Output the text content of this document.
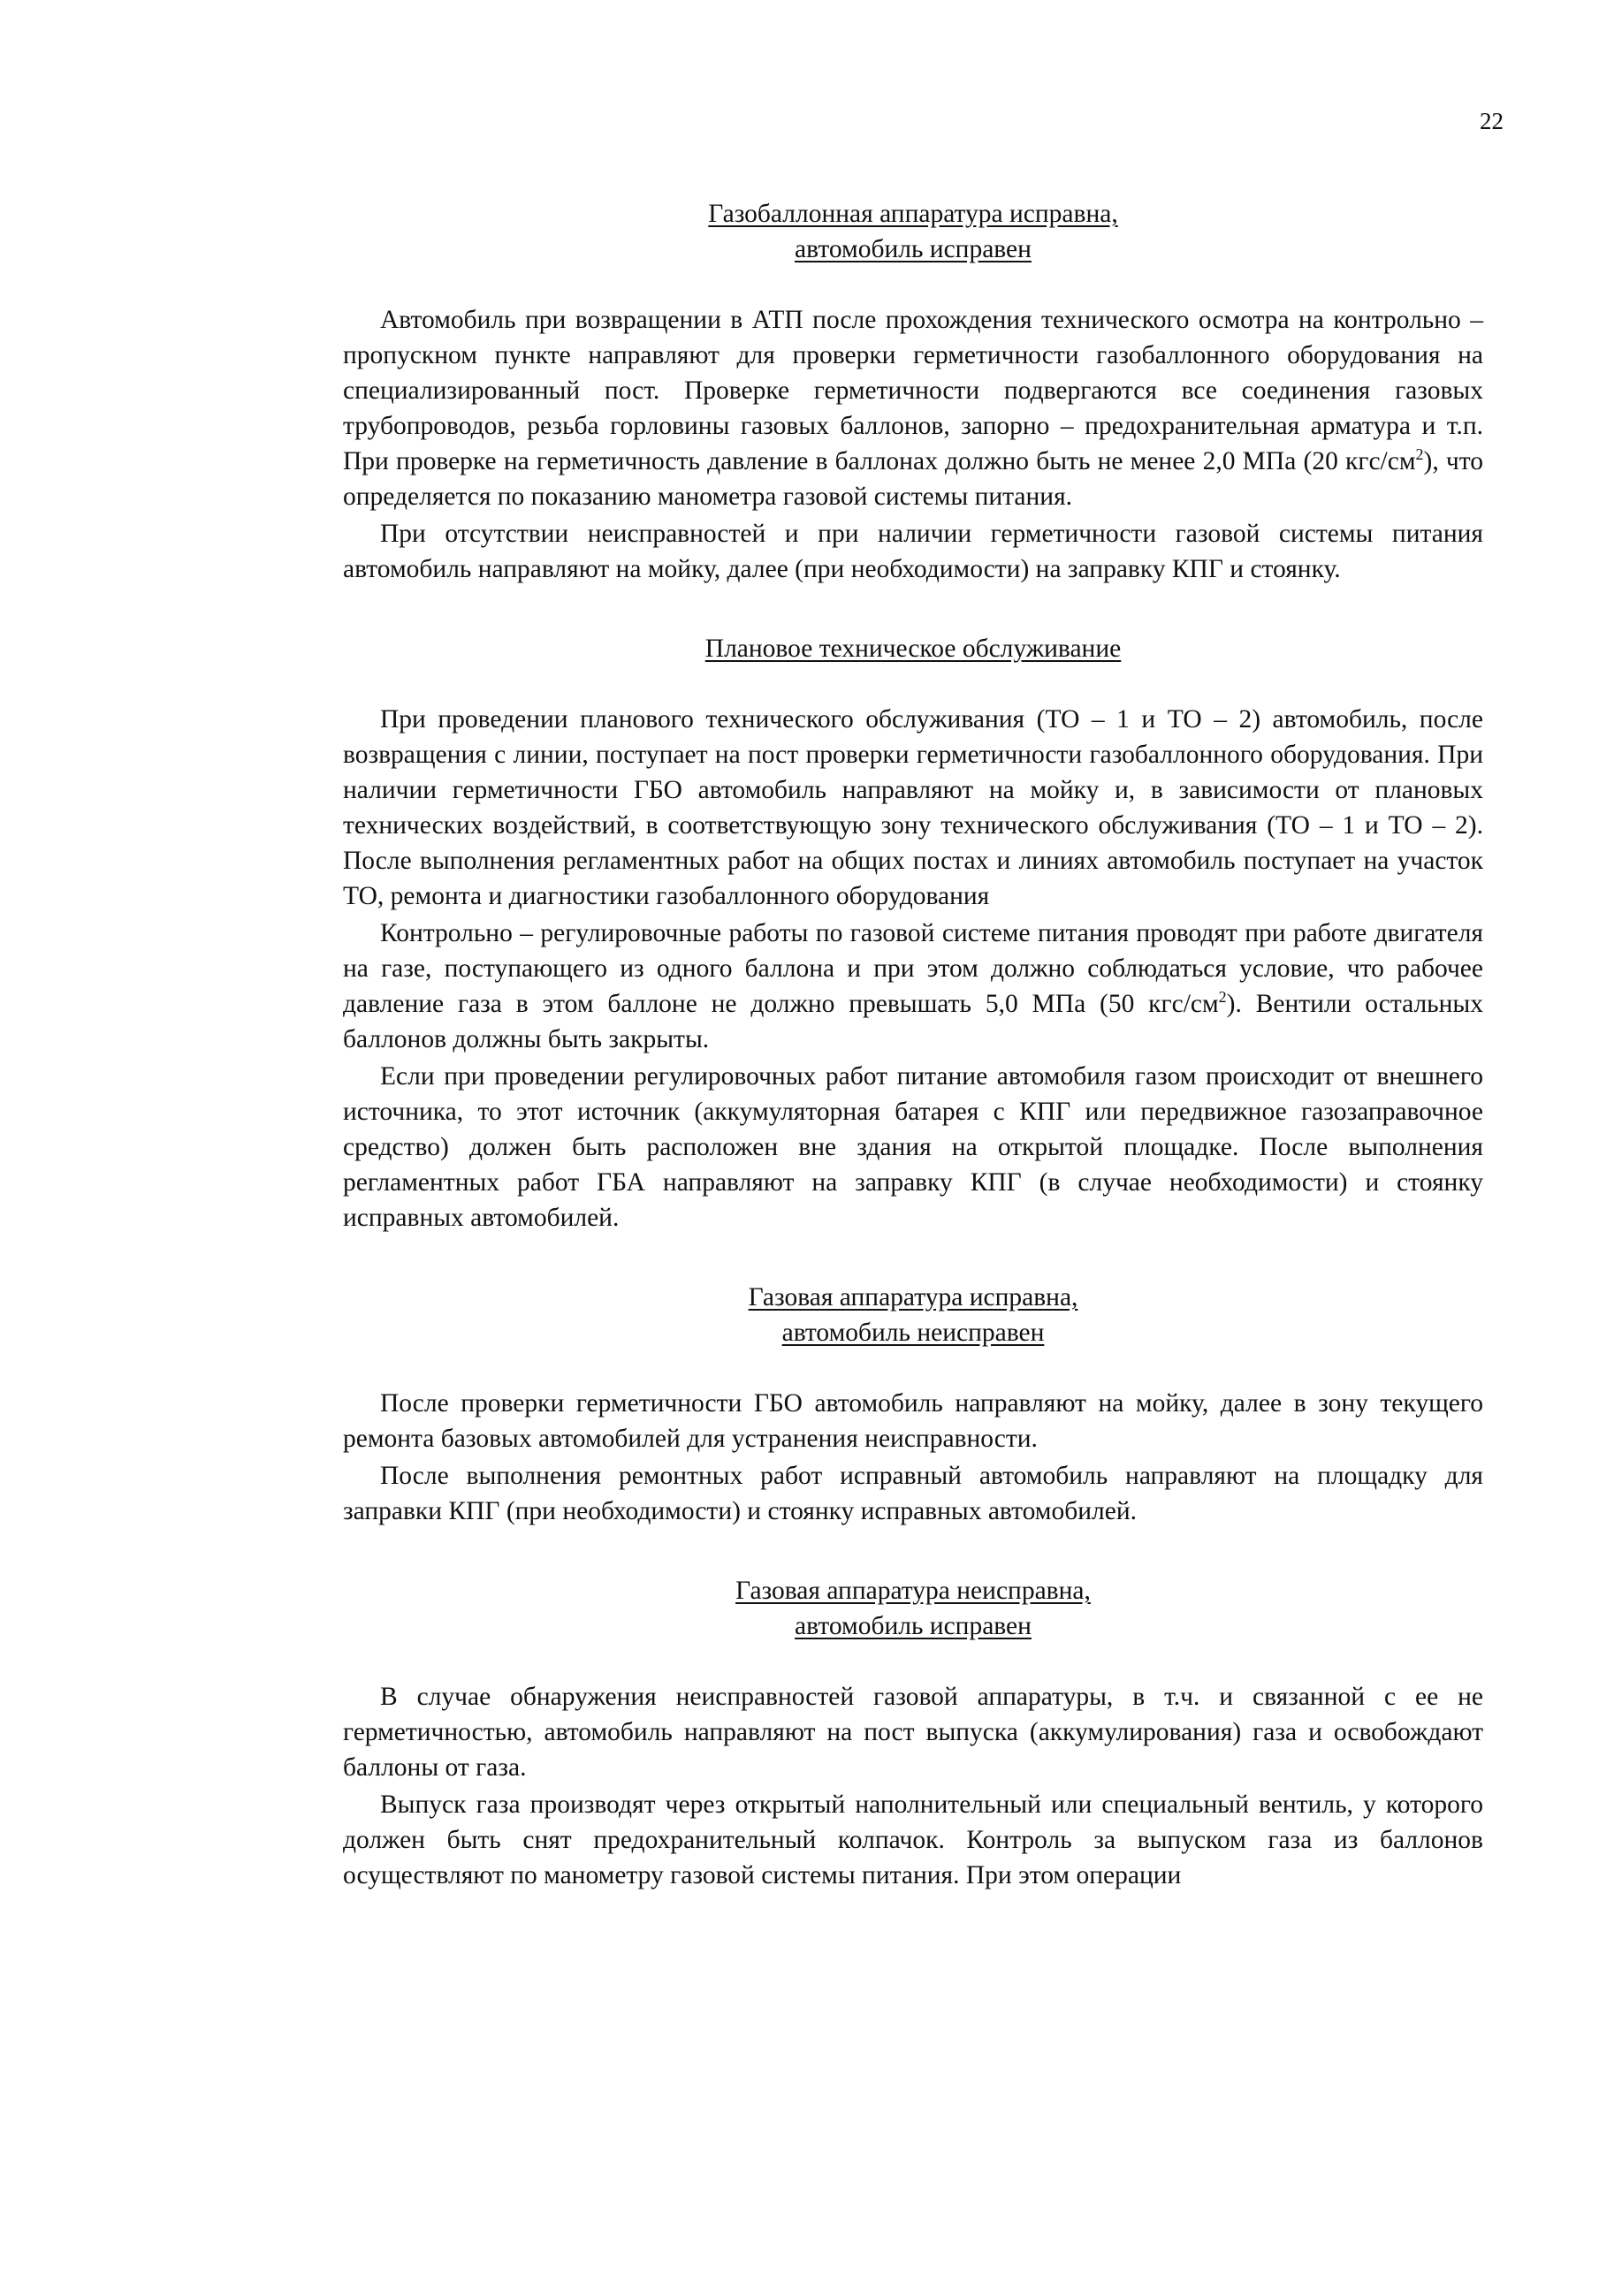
22
Газобаллонная аппаратура исправна,
автомобиль исправен

Автомобиль при возвращении в АТП после прохождения технического осмотра на контрольно – пропускном пункте направляют для проверки герметичности газобаллонного оборудования на специализированный пост. Проверке герметичности подвергаются все соединения газовых трубопроводов, резьба горловины газовых баллонов, запорно – предохранительная арматура и т.п. При проверке на герметичность давление в баллонах должно быть не менее 2,0 МПа (20 кгс/$см^2$), что определяется по показанию манометра газовой системы питания.

При отсутствии неисправностей и при наличии герметичности газовой системы питания автомобиль направляют на мойку, далее (при необходимости) на заправку КПГ и стоянку.

Плановое техническое обслуживание

При проведении планового технического обслуживания (ТО – 1 и ТО – 2) автомобиль, после возвращения с линии, поступает на пост проверки герметичности газобаллонного оборудования. При наличии герметичности ГБО автомобиль направляют на мойку и, в зависимости от плановых технических воздействий, в соответствующую зону технического обслуживания (ТО – 1 и ТО – 2). После выполнения регламентных работ на общих постах и линиях автомобиль поступает на участок ТО, ремонта и диагностики газобаллонного оборудования

Контрольно – регулировочные работы по газовой системе питания проводят при работе двигателя на газе, поступающего из одного баллона и при этом должно соблюдаться условие, что рабочее давление газа в этом баллоне не должно превышать 5,0 МПа (50 кгс/$см^2$). Вентили остальных баллонов должны быть закрыты.

Если при проведении регулировочных работ питание автомобиля газом происходит от внешнего источника, то этот источник (аккумуляторная батарея с КПГ или передвижное газозаправочное средство) должен быть расположен вне здания на открытой площадке. После выполнения регламентных работ ГБА направляют на заправку КПГ (в случае необходимости) и стоянку исправных автомобилей.

Газовая аппаратура исправна,
автомобиль неисправен

После проверки герметичности ГБО автомобиль направляют на мойку, далее в зону текущего ремонта базовых автомобилей для устранения неисправности.

После выполнения ремонтных работ исправный автомобиль направляют на площадку для заправки КПГ (при необходимости) и стоянку исправных автомобилей.

Газовая аппаратура неисправна,
автомобиль исправен

В случае обнаружения неисправностей газовой аппаратуры, в т.ч. и связанной с ее не герметичностью, автомобиль направляют на пост выпуска (аккумулирования) газа и освобождают баллоны от газа.

Выпуск газа производят через открытый наполнительный или специальный вентиль, у которого должен быть снят предохранительный колпачок. Контроль за выпуском газа из баллонов осуществляют по манометру газовой системы питания. При этом операции
